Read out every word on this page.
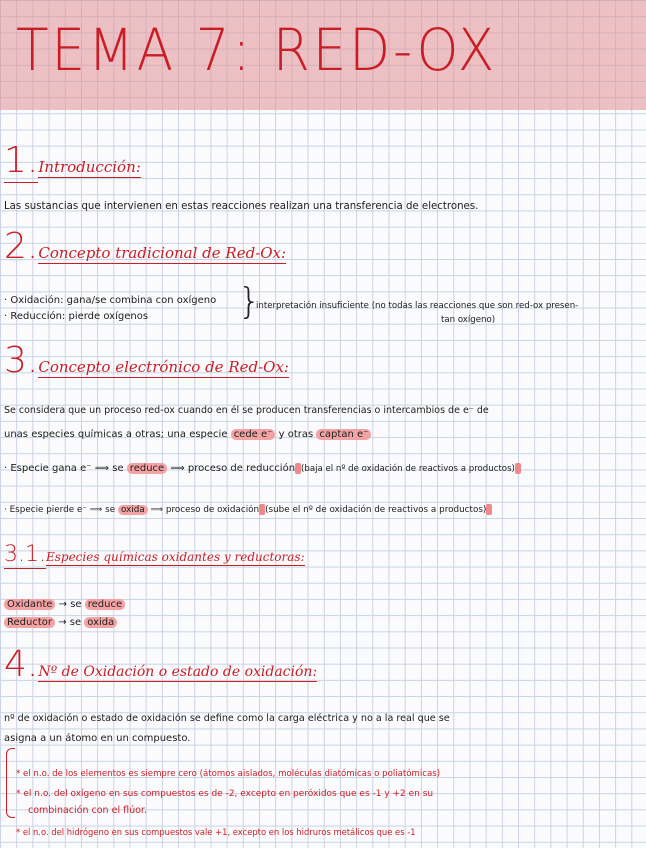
TEMA 7: RED-OX
1.Introducción:
Las sustancias que intervienen en estas reacciones realizan una transferencia de electrones.
2.Concepto tradicional de Red-Ox:
· Oxidación: gana/se combina con oxígeno
· Reducción: pierde oxígenos }
interpretación insuficiente (no todas las reacciones que son red-ox presen-
tan oxígeno)
3.Concepto electrónico de Red-Ox:
Se considera que un proceso red-ox cuando en él se producen transferencias o intercambios de e⁻ de
unas especies químicas a otras; una especie cede e⁻ y otras captan e⁻
· Especie gana e⁻ ⟹ se reduce ⟹ proceso de reducción (baja el nº de oxidación de reactivos a productos)
· Especie pierde e⁻ ⟹ se oxida ⟹ proceso de oxidación (sube el nº de oxidación de reactivos a productos)
3.1.Especies químicas oxidantes y reductoras:
Oxidante → se reduce
Reductor → se oxida
4.Nº de Oxidación o estado de oxidación:
nº de oxidación o estado de oxidación se define como la carga eléctrica y no a la real que se
asigna a un átomo en un compuesto.
* el n.o. de los elementos es siempre cero (átomos aislados, moléculas diatómicas o poliatómicas)
* el n.o. del oxígeno en sus compuestos es de -2, excepto en peróxidos que es -1 y +2 en su
combinación con el flúor.
* el n.o. del hidrógeno en sus compuestos vale +1, excepto en los hidruros metálicos que es -1
